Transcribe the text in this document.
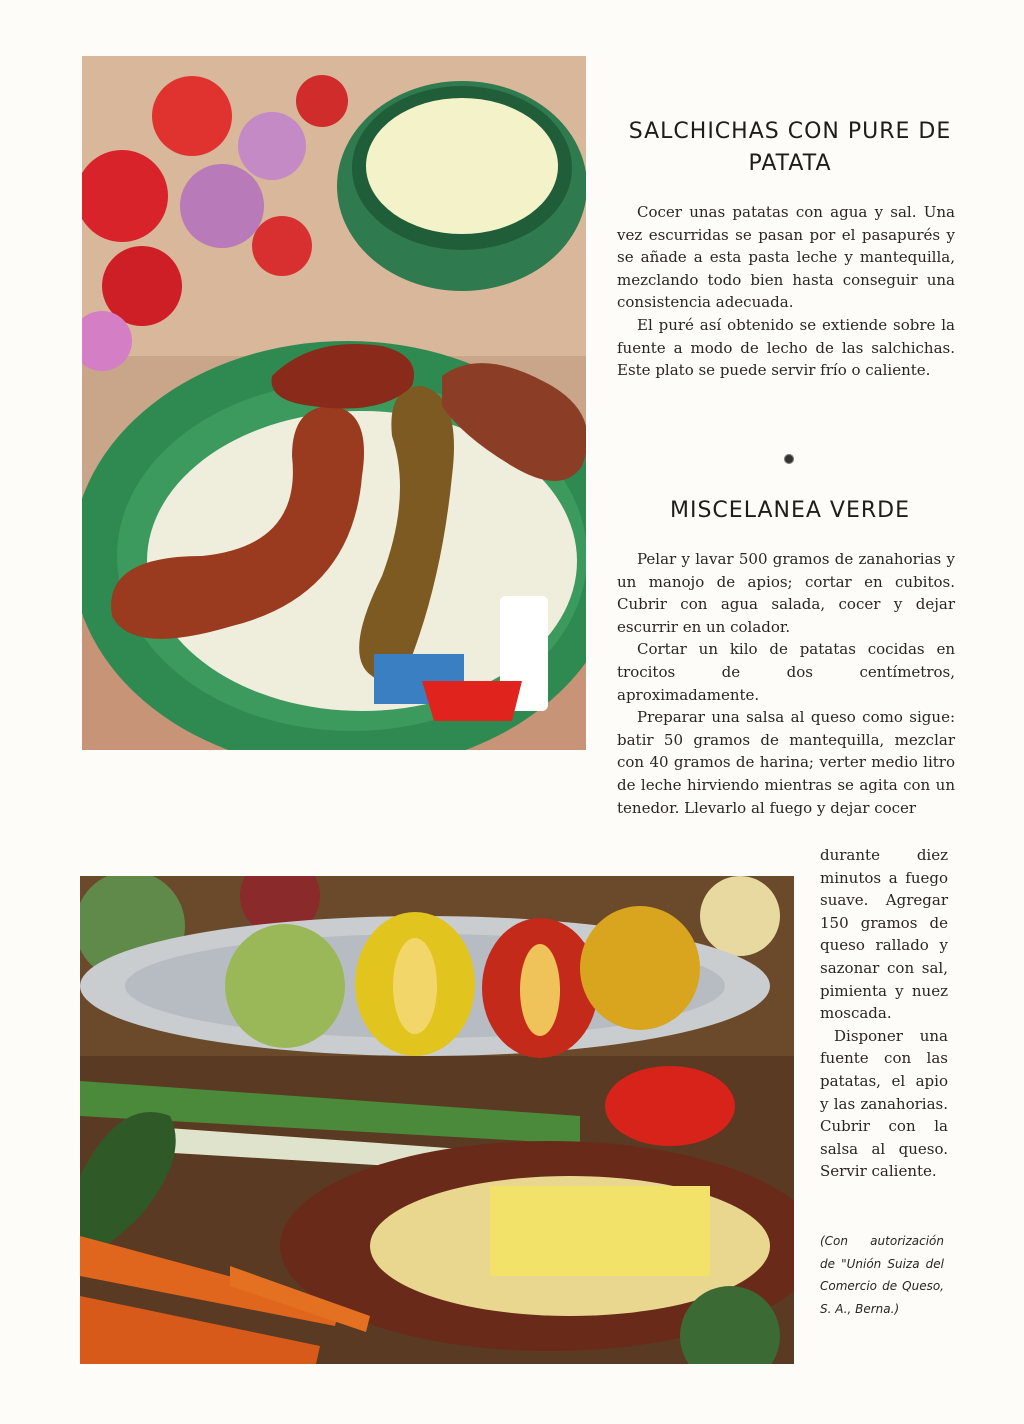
SALCHICHAS CON PURE DE PATATA

Cocer unas patatas con agua y sal. Una vez escurridas se pasan por el pasapurés y se añade a esta pasta leche y mantequilla, mezclando todo bien hasta conseguir una consistencia adecuada.

El puré así obtenido se extiende sobre la fuente a modo de lecho de las salchichas. Este plato se puede servir frío o caliente.

MISCELANEA VERDE

Pelar y lavar 500 gramos de zanahorias y un manojo de apios; cortar en cubitos. Cubrir con agua salada, cocer y dejar escurrir en un colador.

Cortar un kilo de patatas cocidas en trocitos de dos centímetros, aproximadamente.

Preparar una salsa al queso como sigue: batir 50 gramos de mantequilla, mezclar con 40 gramos de harina; verter medio litro de leche hirviendo mientras se agita con un tenedor. Llevarlo al fuego y dejar cocer

durante diez minutos a fuego suave. Agregar 150 gramos de queso rallado y sazonar con sal, pimienta y nuez moscada.

Disponer una fuente con las patatas, el apio y las zanahorias. Cubrir con la salsa al queso. Servir caliente.

(Con autorización de "Unión Suiza del Comercio de Queso, S. A., Berna.)
